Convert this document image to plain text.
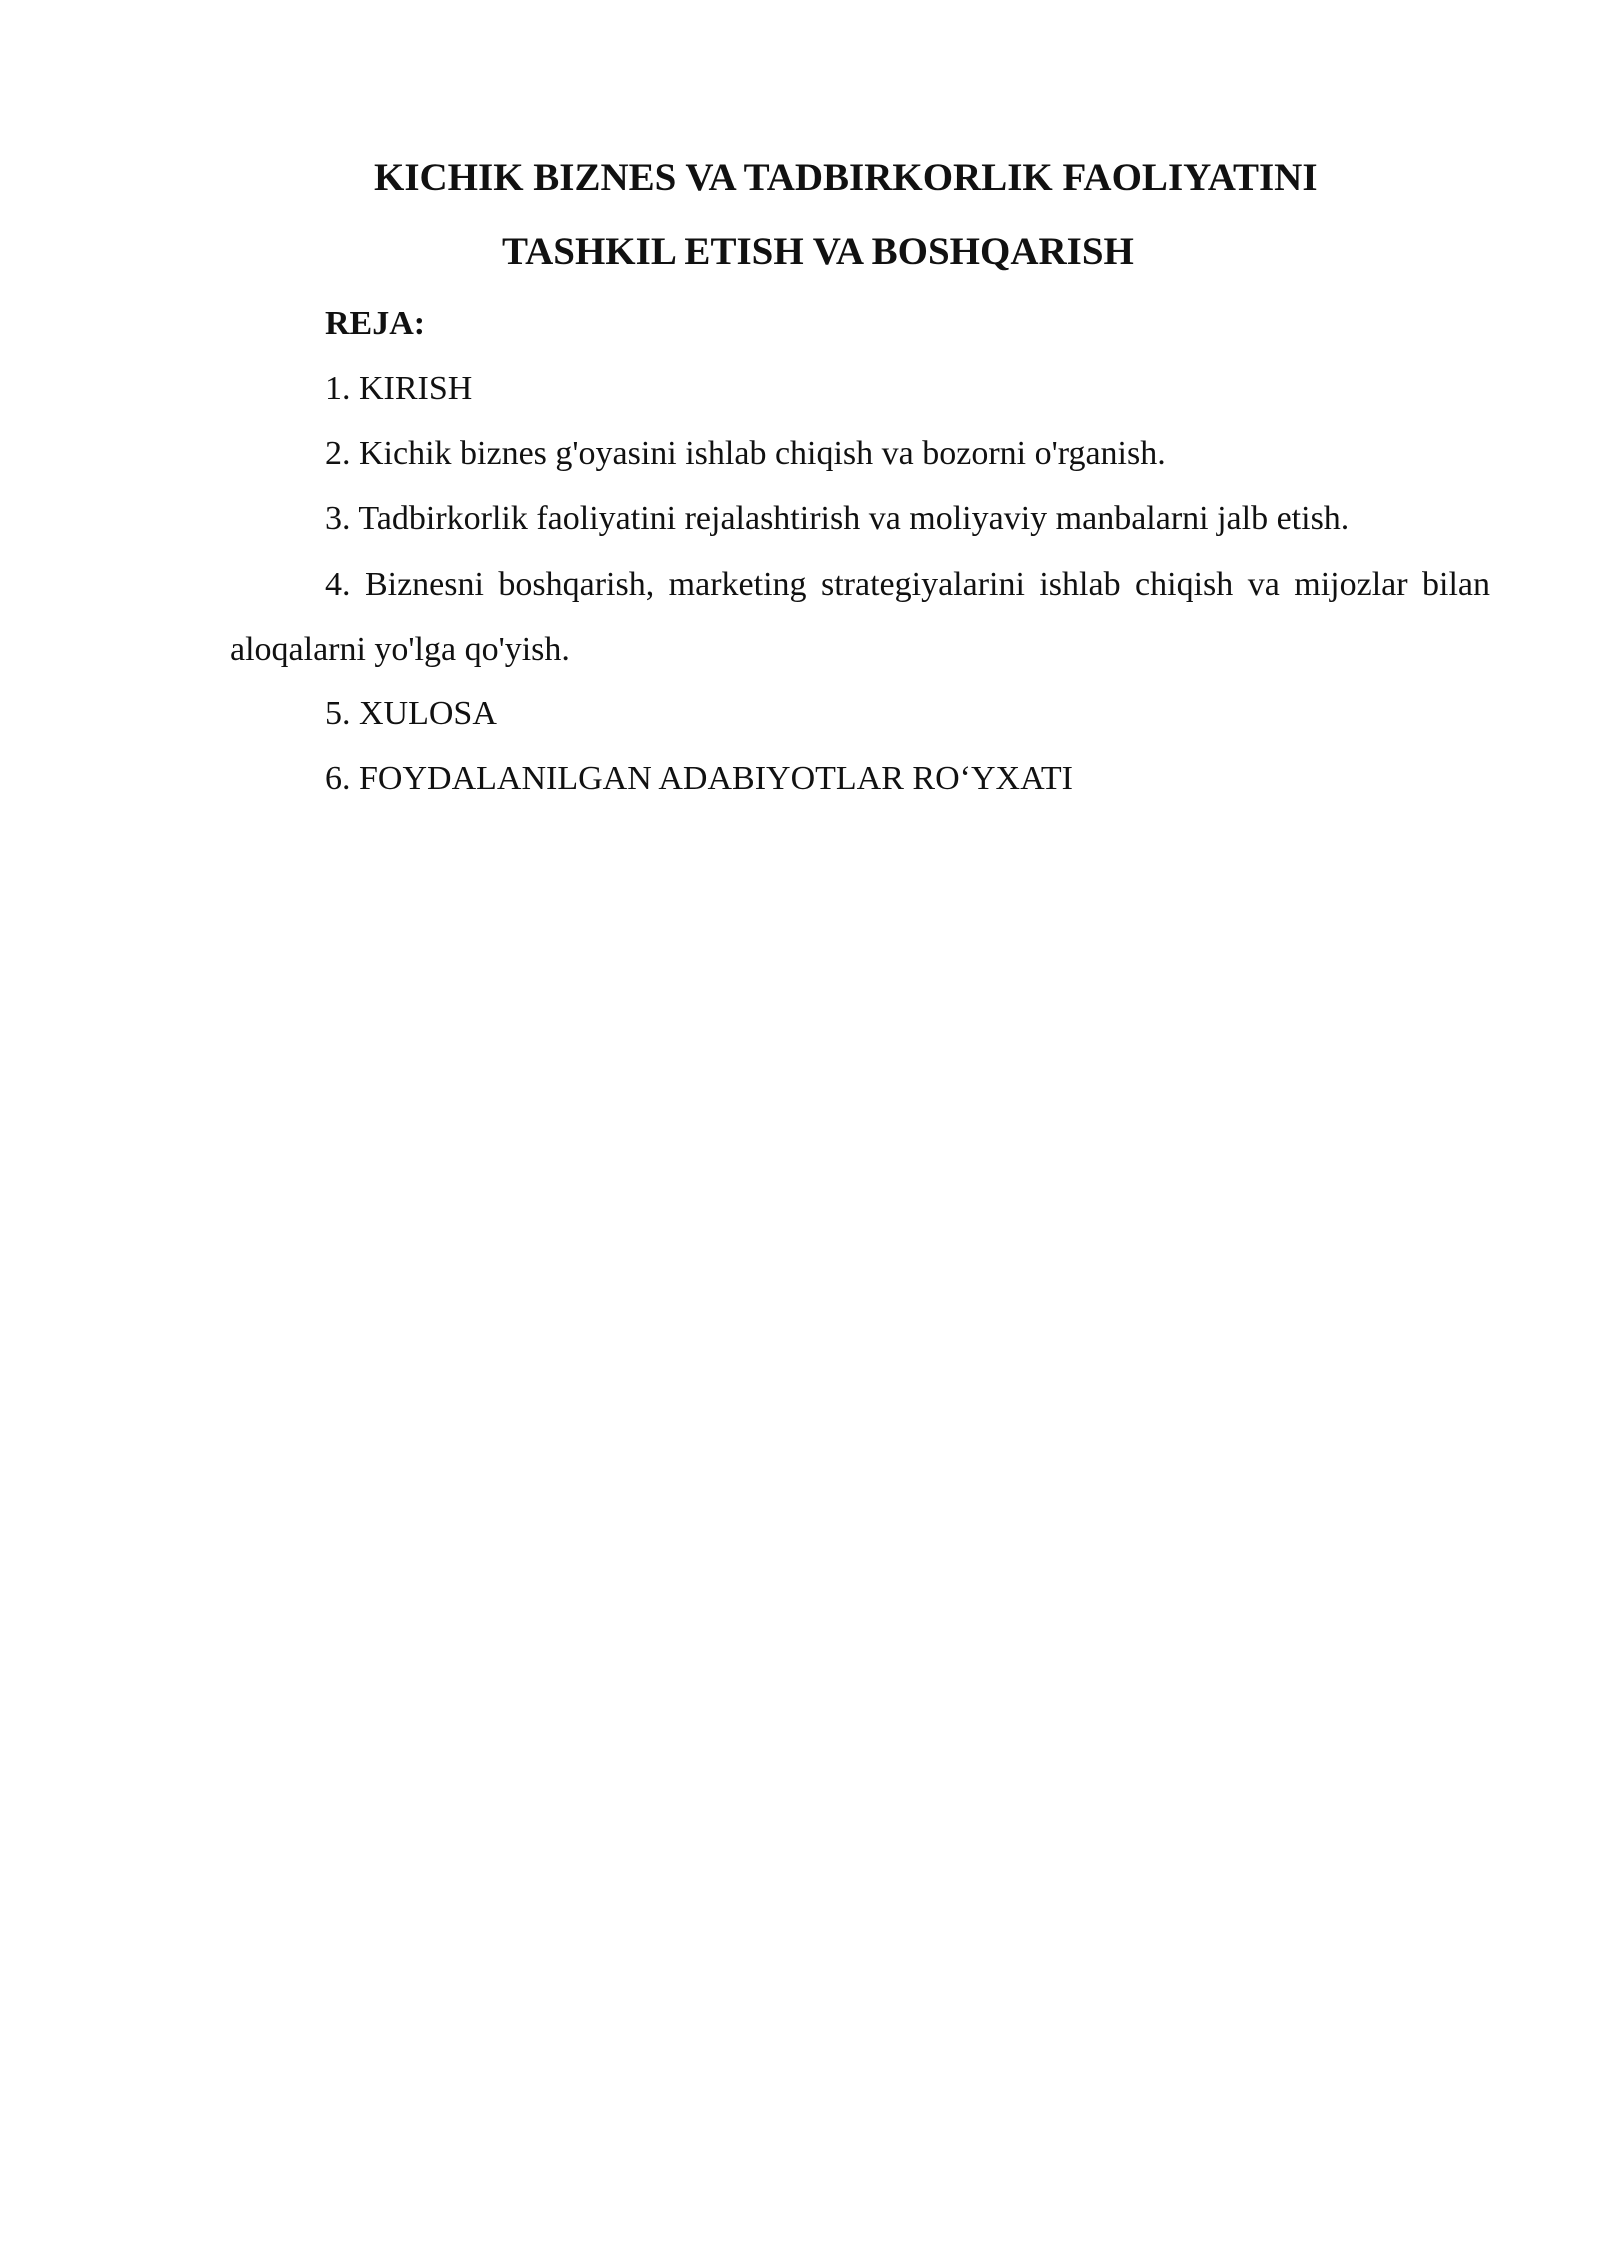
KICHIK BIZNES VA TADBIRKORLIK FAOLIYATINI
TASHKIL ETISH VA BOSHQARISH
REJA:
1. KIRISH
2. Kichik biznes g'oyasini ishlab chiqish va bozorni o'rganish.
3. Tadbirkorlik faoliyatini rejalashtirish va moliyaviy manbalarni jalb etish.
4. Biznesni boshqarish, marketing strategiyalarini ishlab chiqish va mijozlar bilan aloqalarni yo'lga qo'yish.
5. XULOSA
6. FOYDALANILGAN ADABIYOTLAR RO‘YXATI
